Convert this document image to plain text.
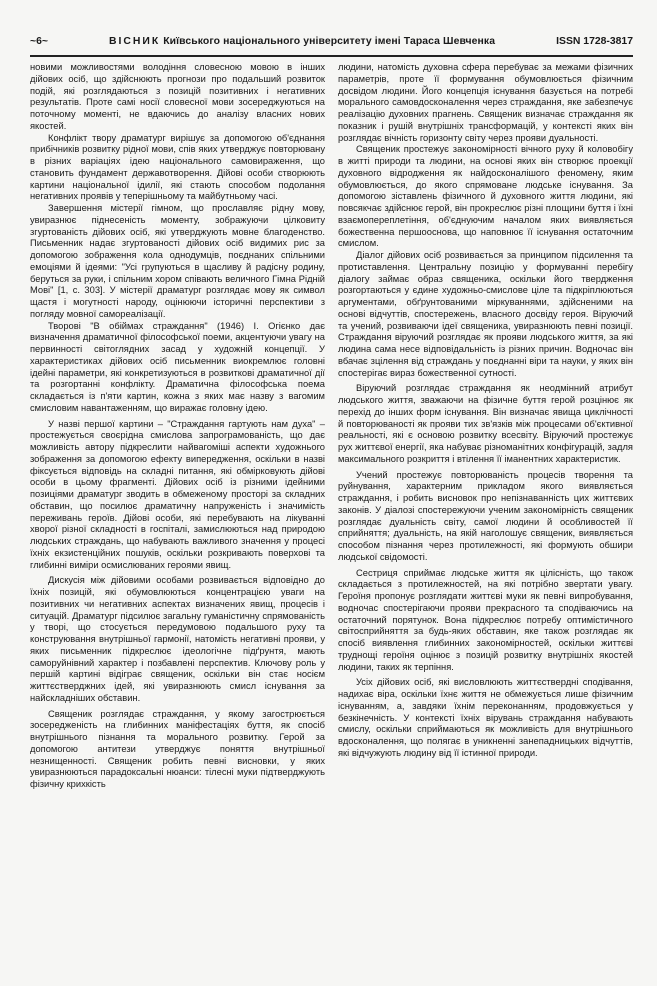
~6~	ВІСНИК Київського національного університету імені Тараса Шевченка	ISSN 1728-3817

новими можливостями володіння словесною мовою в інших дійових осіб, що здійснюють прогнози про подальший розвиток подій, які розглядаються з позицій позитивних і негативних результатів. Проте самі носії словесної мови зосереджуються на поточному моменті, не вдаючись до аналізу власних нових якостей.

Конфлікт твору драматург вирішує за допомогою об'єднання прибічників розвитку рідної мови, спів яких утверджує повторювану в різних варіаціях ідею національного самовираження, що становить фундамент державотворення. Дійові особи створюють картини національної ідилії, які стають способом подолання негативних проявів у теперішньому та майбутньому часі.

Завершення містерії гімном, що прославляє рідну мову, увиразнює піднесеність моменту, зображуючи цілковиту згуртованість дійових осіб, які утверджують мовне благоденство. Письменник надає згуртованості дійових осіб видимих рис за допомогою зображення кола однодумців, поєднаних спільними емоціями й ідеями: "Усі групуються в щасливу й радісну родину, беруться за руки, і спільним хором співають величного Гімна Рідній Мові" [1, с. 303]. У містерії драматург розглядає мову як символ щастя і могутності народу, оцінюючи історичні перспективи з погляду мовної самореалізації.

Творові "В обіймах страждання" (1946) І. Огієнко дає визначення драматичної філософської поеми, акцентуючи увагу на первинності світоглядних засад у художній концепції. У характеристиках дійових осіб письменник виокремлює головні ідейні параметри, які конкретизуються в розвиткові драматичної дії та розгортанні конфлікту. Драматична філософська поема складається із п'яти картин, кожна з яких має назву з вагомим смисловим навантаженням, що виражає головну ідею.

У назві першої картини – "Страждання гартують нам духа" – простежується своєрідна смислова запрограмованість, що дає можливість автору підкреслити найвагоміші аспекти художнього зображення за допомогою ефекту випередження, оскільки в назві фіксується відповідь на складні питання, які обмірковують дійові особи в цьому фрагменті. Дійових осіб із різними ідейними позиціями драматург зводить в обмеженому просторі за складних обставин, що посилює драматичну напруженість і значимість переживань героїв. Дійові особи, які перебувають на лікуванні хворої різної складності в госпіталі, замислюються над природою людських страждань, що набувають важливого значення у процесі їхніх екзистенційних пошуків, оскільки розкривають поверхові та глибинні виміри осмислюваних героями явищ.

Дискусія між дійовими особами розвивається відповідно до їхніх позицій, які обумовлюються концентрацією уваги на позитивних чи негативних аспектах визначених явищ, процесів і ситуацій. Драматург підсилює загальну гуманістичну спрямованість у творі, що стосується передумовою подальшого руху та конструювання внутрішньої гармонії, натомість негативні прояви, у яких письменник підкреслює ідеологічне підґрунтя, мають саморуйнівний характер і позбавлені перспектив. Ключову роль у першій картині відіграє священик, оскільки він стає носієм життєстверджних ідей, які увиразнюють смисл існування за найскладніших обставин.

Священик розглядає страждання, у якому загострюється зосередженість на глибинних маніфестаціях буття, як спосіб внутрішнього пізнання та морального розвитку. Герой за допомогою антитези утверджує поняття внутрішньої незнищенності. Священик робить певні висновки, у яких увиразнюються парадоксальні нюанси: тілесні муки підтверджують фізичну крихкість

людини, натомість духовна сфера перебуває за межами фізичних параметрів, проте її формування обумовлюється фізичним досвідом людини. Його концепція існування базується на потребі морального самовдосконалення через страждання, яке забезпечує реалізацію духовних прагнень. Священик визначає страждання як показник і рушій внутрішніх трансформацій, у контексті яких він розглядає вічність горизонту світу через прояви дуальності.

Священик простежує закономірності вічного руху й коловобігу в житті природи та людини, на основі яких він створює проекції духовного відродження як найдосконалішого феномену, яким обумовлюється, до якого спрямоване людське існування. За допомогою зіставлень фізичного й духовного життя людини, які повсякчає здійснює герой, він прокреслює різні площини буття і їхні взаємопереплетіння, об'єднуючим началом яких виявляється божественна першооснова, що наповнює її існування остаточним смислом.

Діалог дійових осіб розвивається за принципом підсилення та протиставлення. Центральну позицію у формуванні перебігу діалогу займає образ священика, оскільки його твердження розгортаються у єдине художньо-смислове ціле та підкріплюються аргументами, обґрунтованими міркуваннями, здійсненими на основі відчуттів, спостережень, власного досвіду героя. Віруючий та учений, розвиваючи ідеї священика, увиразнюють певні позиції. Страждання віруючий розглядає як прояви людського життя, за які людина сама несе відповідальність із різних причин. Водночас він вбачає зцілення від страждань у поєднанні віри та науки, у яких він спостерігає вираз божественної сутності.

Віруючий розглядає страждання як неодмінний атрибут людського життя, зважаючи на фізичне буття герой розцінює як перехід до інших форм існування. Він визначає явища циклічності й повторюваності як прояви тих зв'язків між процесами об'єктивної реальності, які є основою розвитку всесвіту. Віруючий простежує рух життєвої енергії, яка набуває різноманітних конфігурацій, задля максимального розкриття і втілення її іманентних характеристик.

Учений простежує повторюваність процесів творення та руйнування, характерним прикладом якого виявляється страждання, і робить висновок про непізнаванність цих життєвих законів. У діалозі спостережуючи ученим закономірність священик розглядає дуальність світу, самої людини й особливостей її сприйняття; дуальність, на якій наголошує священик, виявляється способом пізнання через протилежності, які формують обшири людської свідомості.

Сестриця сприймає людське життя як цілісність, що також складається з протилежностей, на які потрібно звертати увагу. Героїня пропонує розглядати життєві муки як певні випробування, водночас спостерігаючи прояви прекрасного та сподіваючись на остаточний порятунок. Вона підкреслює потребу оптимістичного світосприйняття за будь-яких обставин, яке також розглядає як спосіб виявлення глибинних закономірностей, оскільки життєві труднощі героїня оцінює з позицій розвитку внутрішніх якостей людини, таких як терпіння.

Усіх дійових осіб, які висловлюють життєствердні сподівання, надихає віра, оскільки їхнє життя не обмежується лише фізичним існуванням, а, завдяки їхнім переконанням, продовжується у безкінечність. У контексті їхніх вірувань страждання набувають смислу, оскільки сприймаються як можливість для внутрішнього вдосконалення, що полягає в уникненні занепадницьких відчуттів, які відчужують людину від її істинної природи.
